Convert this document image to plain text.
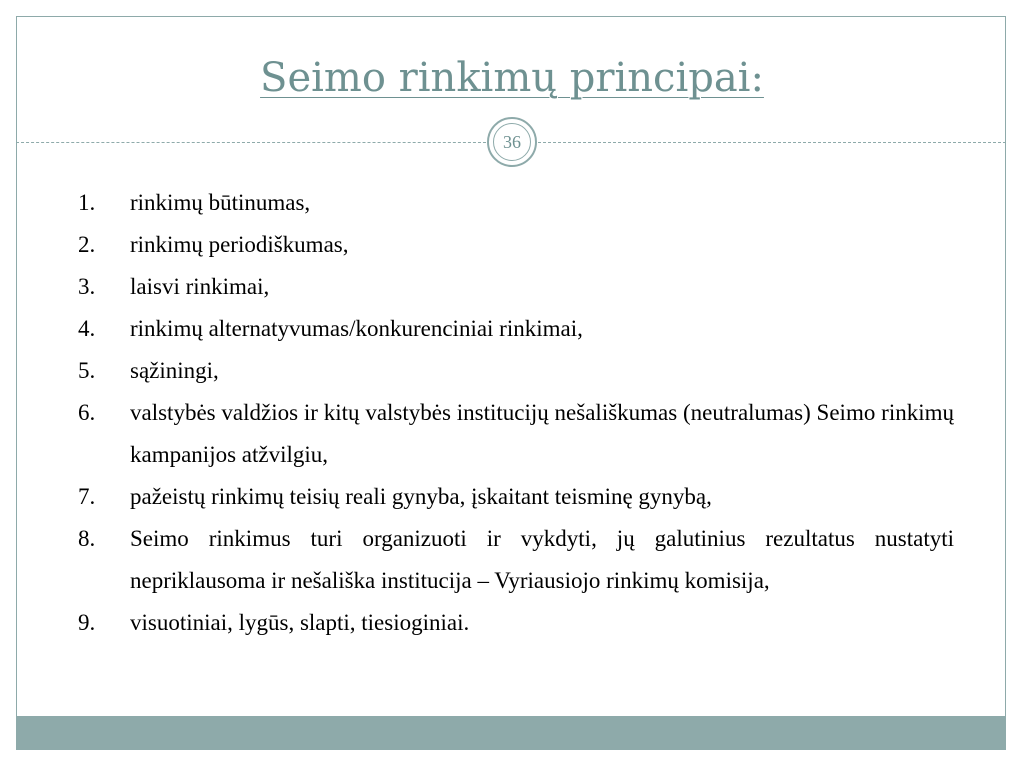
Seimo rinkimų principai:
36
1. rinkimų būtinumas,
2. rinkimų periodiškumas,
3. laisvi rinkimai,
4. rinkimų alternatyvumas/konkurenciniai rinkimai,
5. sąžiningi,
6. valstybės valdžios ir kitų valstybės institucijų nešališkumas (neutralumas) Seimo rinkimų kampanijos atžvilgiu,
7. pažeistų rinkimų teisių reali gynyba, įskaitant teisminę gynybą,
8. Seimo rinkimus turi organizuoti ir vykdyti, jų galutinius rezultatus nustatyti nepriklausoma ir nešališka institucija – Vyriausiojo rinkimų komisija,
9. visuotiniai, lygūs, slapti, tiesioginiai.
